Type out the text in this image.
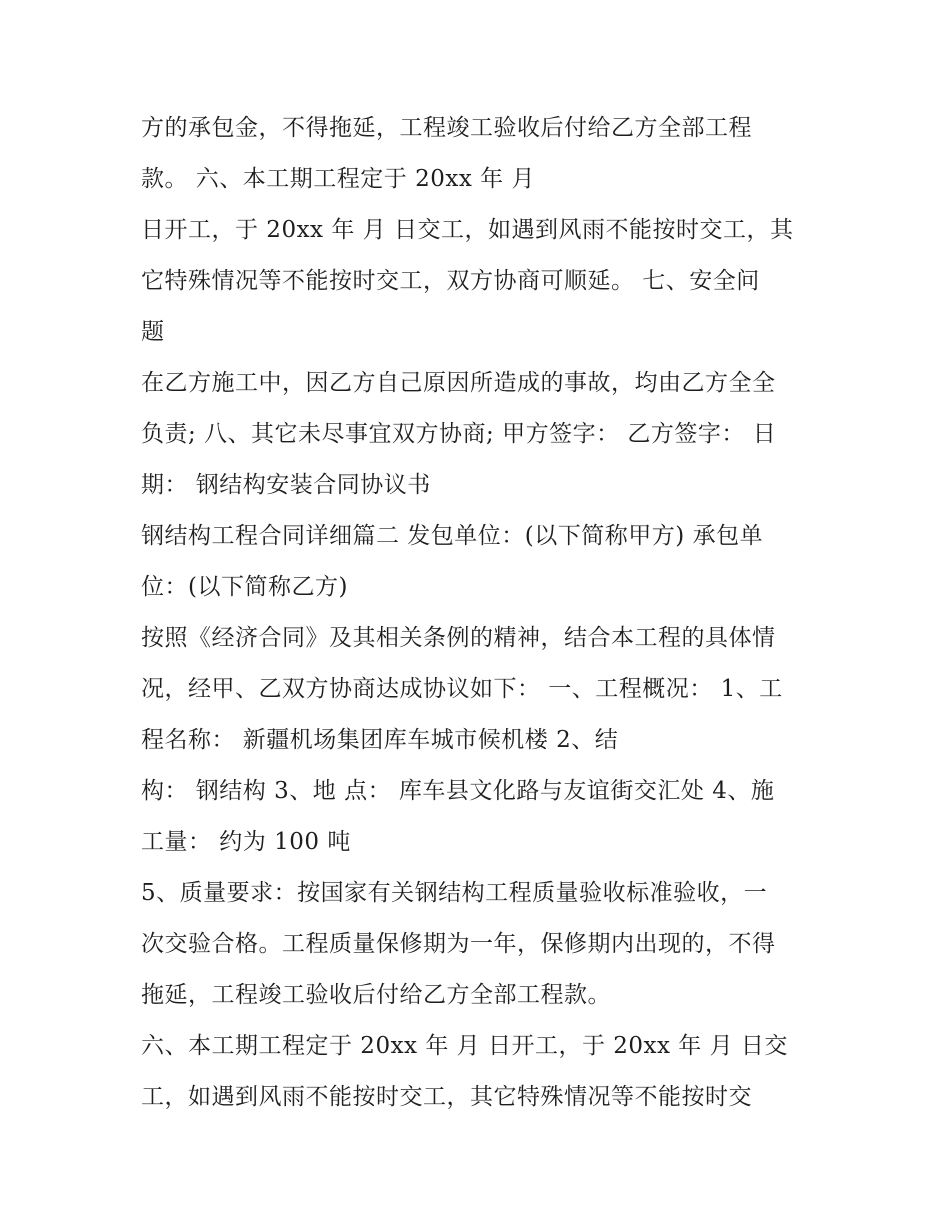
方的承包金，不得拖延，工程竣工验收后付给乙方全部工程
款。 六、本工期工程定于 20xx 年 月
日开工，于 20xx 年 月 日交工，如遇到风雨不能按时交工，其
它特殊情况等不能按时交工，双方协商可顺延。 七、安全问
题
在乙方施工中，因乙方自己原因所造成的事故，均由乙方全全
负责; 八、其它未尽事宜双方协商; 甲方签字： 乙方签字： 日
期： 钢结构安装合同协议书
钢结构工程合同详细篇二 发包单位：(以下简称甲方) 承包单
位：(以下简称乙方)
按照《经济合同》及其相关条例的精神，结合本工程的具体情
况，经甲、乙双方协商达成协议如下： 一、工程概况： 1、工
程名称： 新疆机场集团库车城市候机楼 2、结
构： 钢结构 3、地 点： 库车县文化路与友谊街交汇处 4、施
工量： 约为 100 吨
5、质量要求：按国家有关钢结构工程质量验收标准验收，一
次交验合格。工程质量保修期为一年，保修期内出现的，不得
拖延，工程竣工验收后付给乙方全部工程款。
六、本工期工程定于 20xx 年 月 日开工，于 20xx 年 月 日交
工，如遇到风雨不能按时交工，其它特殊情况等不能按时交
